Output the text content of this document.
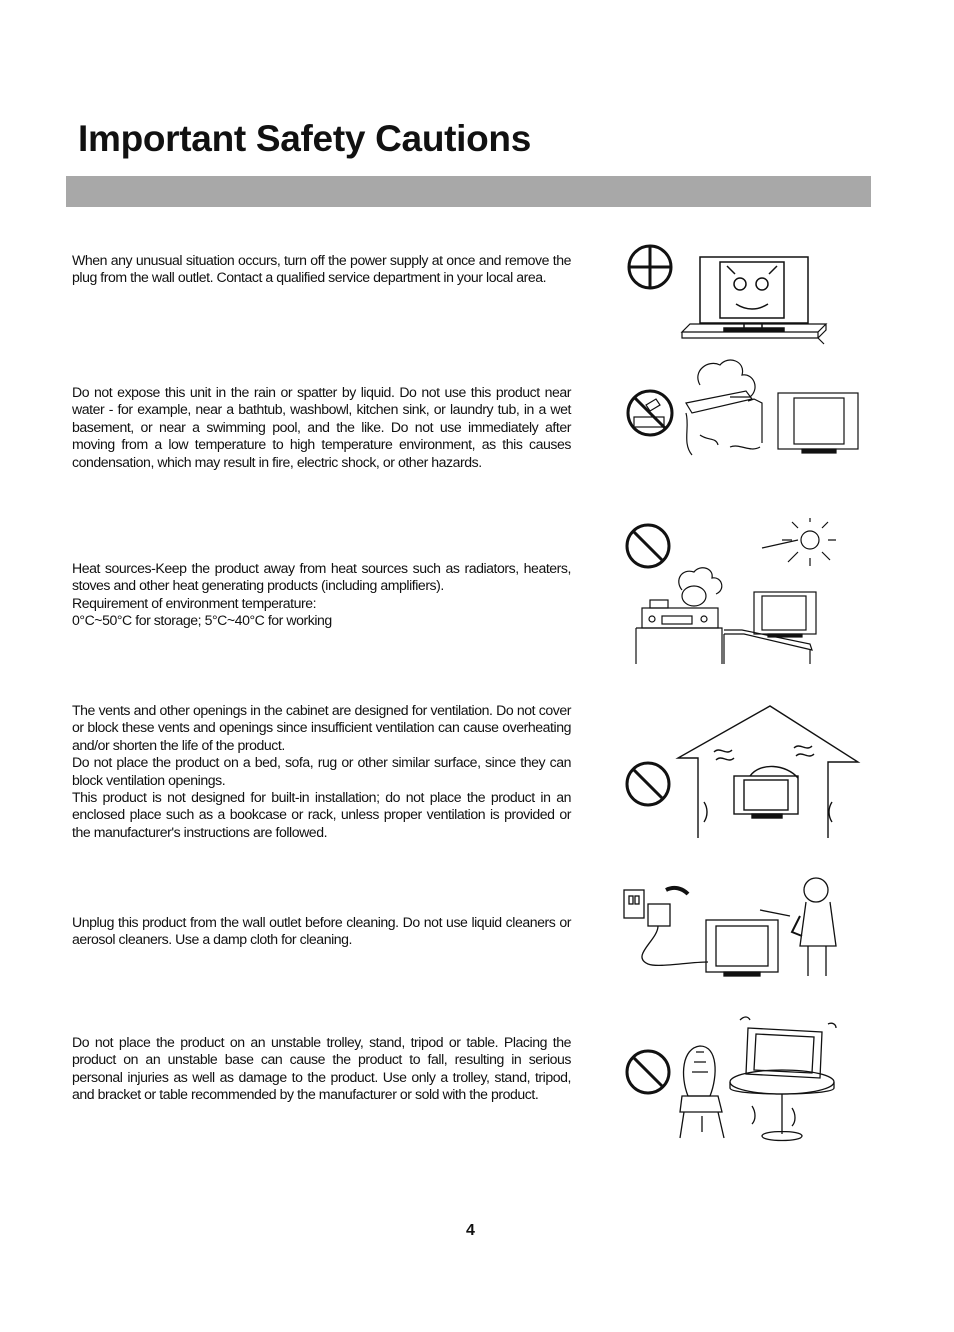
Important Safety Cautions

When any unusual situation occurs, turn off the power supply at once and remove the plug from the wall outlet. Contact a qualified service department in your local area.

Do not expose this unit in the rain or spatter by liquid. Do not use this product near water - for example, near a bathtub, washbowl, kitchen sink, or laundry tub, in a wet basement, or near a swimming pool, and the like. Do not use immediately after moving from a low temperature to high temperature environment, as this causes condensation, which may result in fire, electric shock, or other hazards.

Heat sources-Keep the product away from heat sources such as radiators, heaters, stoves and other heat generating products (including amplifiers).
Requirement of environment temperature:
0°C~50°C for storage; 5°C~40°C for working

The vents and other openings in the cabinet are designed for ventilation. Do not cover or block these vents and openings since insufficient ventilation can cause overheating and/or shorten the life of the product.
Do not place the product on a bed, sofa, rug or other similar surface, since they can block ventilation openings.
This product is not designed for built-in installation; do not place the product in an enclosed place such as a bookcase or rack, unless proper ventilation is provided or the manufacturer's instructions are followed.

Unplug this product from the wall outlet before cleaning. Do not use liquid cleaners or aerosol cleaners. Use a damp cloth for cleaning.

Do not place the product on an unstable trolley, stand, tripod or table. Placing the product on an unstable base can cause the product to fall, resulting in serious personal injuries as well as damage to the product. Use only a trolley, stand, tripod, and bracket or table recommended by the manufacturer or sold with the product.

4
